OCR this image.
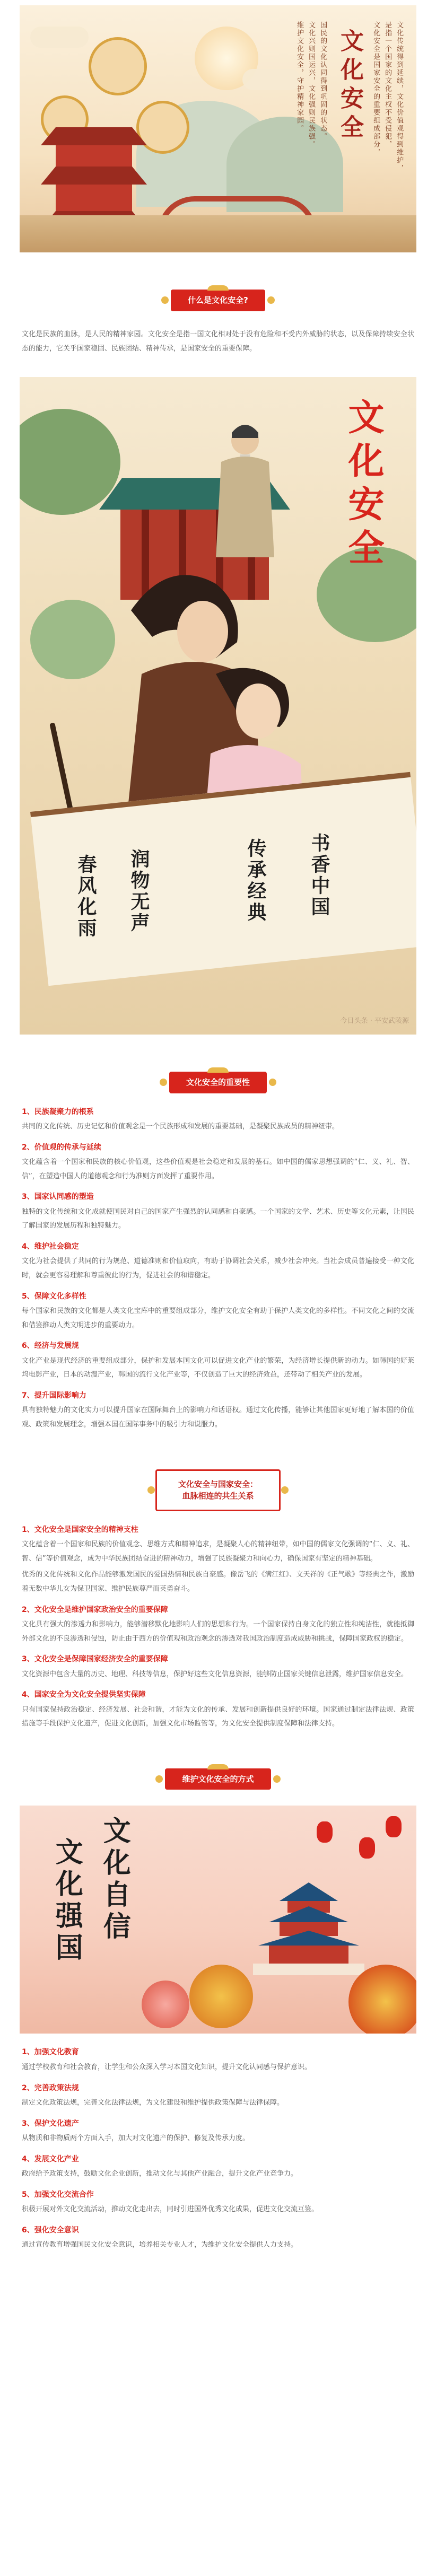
文化安全	文化安全是国家安全的重要组成部分， 是指一个国家的文化主权不受侵犯， 文化传统得到延续，文化价值观得到维护，
国民的文化认同得到巩固的状态。
文化兴则国运兴，文化强则民族强。
维护文化安全，守护精神家园。
什么是文化安全?

文化是民族的血脉，是人民的精神家园。文化安全是指一国文化相对处于没有危险和不受内外威胁的状态，以及保障持续安全状态的能力，它关乎国家稳固、民族团结、精神传承，是国家安全的重要保障。

文化安全
春风化雨 润物无声	传承经典 书香中国
今日头条 · 平安武陵源
文化安全的重要性
1、民族凝聚力的根系
共同的文化传统、历史记忆和价值观念是一个民族形成和发展的重要基础，是凝聚民族成员的精神纽带。
2、价值观的传承与延续
文化蕴含着一个国家和民族的核心价值观，这些价值观是社会稳定和发展的基石。如中国的儒家思想强调的“仁、义、礼、智、信”，在塑造中国人的道德观念和行为准则方面发挥了重要作用。
3、国家认同感的塑造
独特的文化传统和文化成就使国民对自己的国家产生强烈的认同感和自豪感。一个国家的文学、艺术、历史等文化元素，让国民了解国家的发展历程和独特魅力。
4、维护社会稳定
文化为社会提供了共同的行为规范、道德准则和价值取向，有助于协调社会关系，减少社会冲突。当社会成员普遍接受一种文化时，就会更容易理解和尊重彼此的行为，促进社会的和谐稳定。
5、保障文化多样性
每个国家和民族的文化都是人类文化宝库中的重要组成部分，维护文化安全有助于保护人类文化的多样性。不同文化之间的交流和借鉴推动人类文明进步的重要动力。
6、经济与发展规
文化产业是现代经济的重要组成部分，保护和发展本国文化可以促进文化产业的繁荣，为经济增长提供新的动力。如韩国的好莱坞电影产业，日本的动漫产业，韩国的流行文化产业等，不仅创造了巨大的经济效益，还带动了相关产业的发展。
7、提升国际影响力
具有独特魅力的文化实力可以提升国家在国际舞台上的影响力和话语权。通过文化传播，能够让其他国家更好地了解本国的价值观、政策和发展理念，增强本国在国际事务中的吸引力和说服力。
文化安全与国家安全：
血脉相连的共生关系
1、文化安全是国家安全的精神支柱
文化蕴含着一个国家和民族的价值观念、思维方式和精神追求，是凝聚人心的精神纽带，如中国的儒家文化强调的“仁、义、礼、智、信”等价值观念，成为中华民族团结奋进的精神动力，增强了民族凝聚力和向心力，确保国家有坚定的精神基础。
优秀的文化传统和文化作品能够激发国民的爱国热情和民族自豪感。像岳飞的《满江红》、文天祥的《正气歌》等经典之作，激励着无数中华儿女为保卫国家、维护民族尊严而英勇奋斗。
2、文化安全是维护国家政治安全的重要保障
文化具有强大的渗透力和影响力，能够潜移默化地影响人们的思想和行为。一个国家保持自身文化的独立性和纯洁性，就能抵御外部文化的不良渗透和侵蚀，防止由于西方的价值观和政治观念的渗透对我国政治制度造成威胁和挑战，保障国家政权的稳定。
3、文化安全是保障国家经济安全的重要保障
文化资源中包含大量的历史、地理、科技等信息，保护好这些文化信息资源，能够防止国家关键信息泄露，维护国家信息安全。
4、国家安全为文化安全提供坚实保障
只有国家保持政治稳定、经济发展、社会和谐，才能为文化的传承、发展和创新提供良好的环境。国家通过制定法律法规、政策措施等手段保护文化遗产，促进文化创新，加强文化市场监管等，为文化安全提供制度保障和法律支持。
维护文化安全的方式
文化自信
文化强国
1、加强文化教育
通过学校教育和社会教育，让学生和公众深入学习本国文化知识，提升文化认同感与保护意识。
2、完善政策法规
制定文化政策法规，完善文化法律法规，为文化建设和维护提供政策保障与法律保障。
3、保护文化遗产
从物质和非物质两个方面入手，加大对文化遗产的保护、修复及传承力度。
4、发展文化产业
政府给予政策支持，鼓励文化企业创新，推动文化与其他产业融合，提升文化产业竞争力。
5、加强文化交流合作
积极开展对外文化交流活动，推动文化走出去，同时引进国外优秀文化成果，促进文化交流互鉴。
6、强化安全意识
通过宣传教育增强国民文化安全意识，培养相关专业人才，为维护文化安全提供人力支持。
